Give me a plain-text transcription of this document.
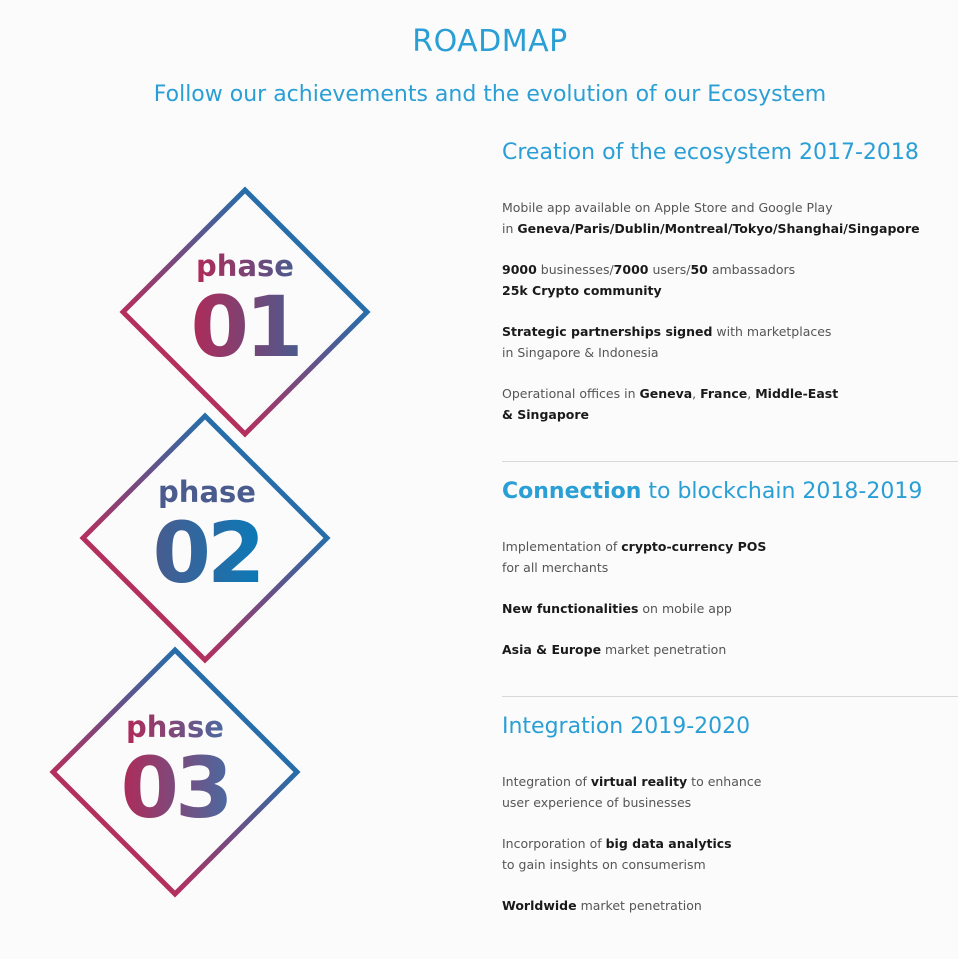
ROADMAP
Follow our achievements and the evolution of our Ecosystem
phase
01
phase
02
phase
03
Creation of the ecosystem 2017-2018

Mobile app available on Apple Store and Google Play
in Geneva/Paris/Dublin/Montreal/Tokyo/Shanghai/Singapore

9000 businesses/7000 users/50 ambassadors
25k Crypto community

Strategic partnerships signed with marketplaces
in Singapore & Indonesia

Operational offices in Geneva, France, Middle-East
& Singapore

Connection to blockchain 2018-2019

Implementation of crypto-currency POS
for all merchants

New functionalities on mobile app

Asia & Europe market penetration

Integration 2019-2020

Integration of virtual reality to enhance
user experience of businesses

Incorporation of big data analytics
to gain insights on consumerism

Worldwide market penetration
